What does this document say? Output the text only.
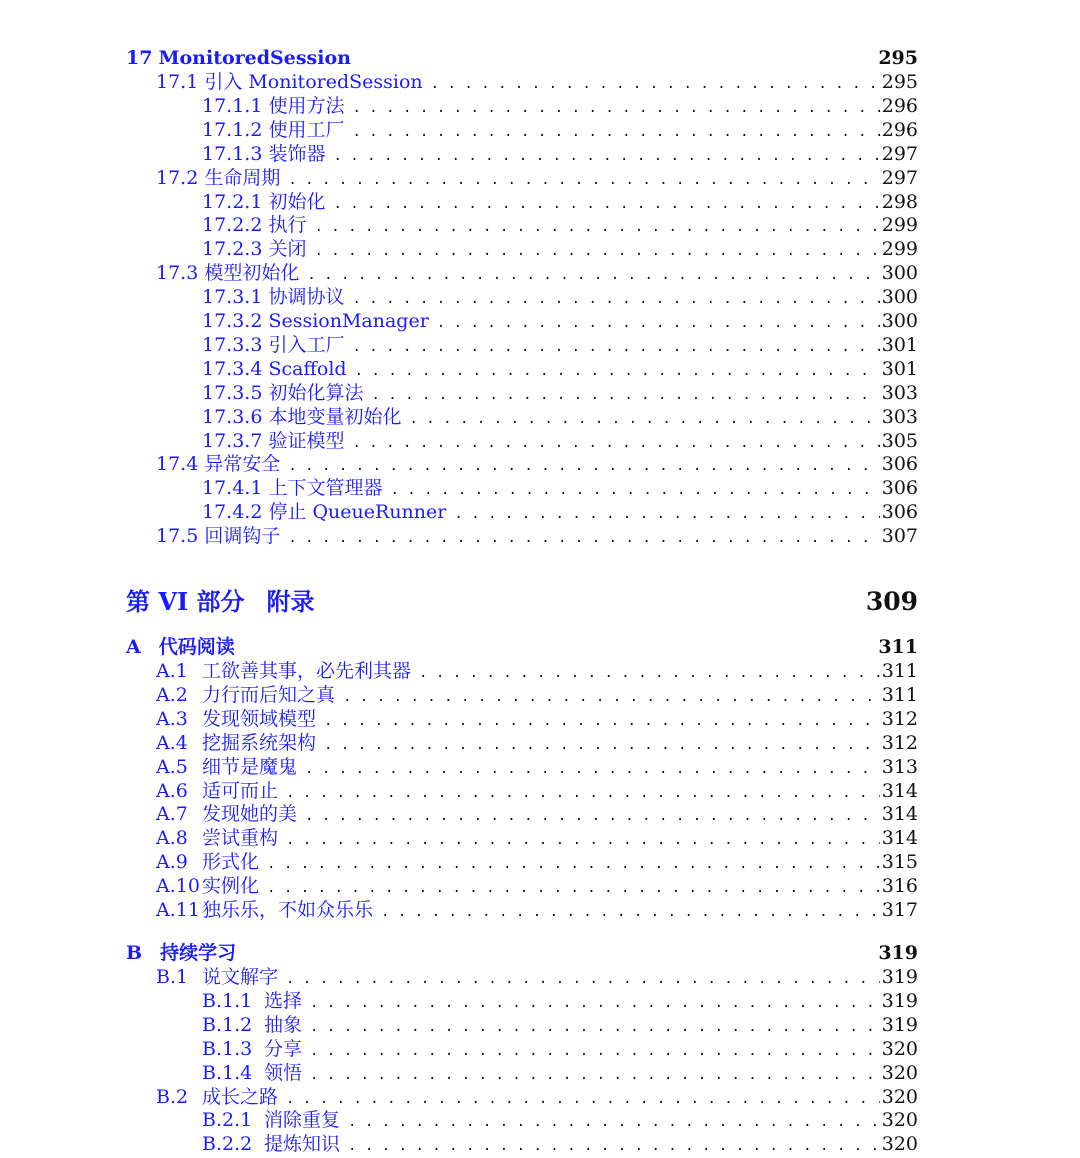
17 MonitoredSession	295
17.1 引入 MonitoredSession . . .	295
17.1.1 使用方法 . . .	296
17.1.2 使用工厂 . . .	296
17.1.3 装饰器 . . .	297
17.2 生命周期 . . .	297
17.2.1 初始化 . . .	298
17.2.2 执行 . . .	299
17.2.3 关闭 . . .	299
17.3 模型初始化 . . .	300
17.3.1 协调协议 . . .	300
17.3.2 SessionManager . . .	300
17.3.3 引入工厂 . . .	301
17.3.4 Scaffold . . .	301
17.3.5 初始化算法 . . .	303
17.3.6 本地变量初始化 . . .	303
17.3.7 验证模型 . . .	305
17.4 异常安全 . . .	306
17.4.1 上下文管理器 . . .	306
17.4.2 停止 QueueRunner . . .	306
17.5 回调钩子 . . .	307
第 VI 部分 附录	309
A 代码阅读	311
A.1 工欲善其事，必先利其器 . . .	311
A.2 力行而后知之真 . . .	311
A.3 发现领域模型 . . .	312
A.4 挖掘系统架构 . . .	312
A.5 细节是魔鬼 . . .	313
A.6 适可而止 . . .	314
A.7 发现她的美 . . .	314
A.8 尝试重构 . . .	314
A.9 形式化 . . .	315
A.10 实例化 . . .	316
A.11 独乐乐，不如众乐乐 . . .	317
B 持续学习	319
B.1 说文解字 . . .	319
B.1.1 选择 . . .	319
B.1.2 抽象 . . .	319
B.1.3 分享 . . .	320
B.1.4 领悟 . . .	320
B.2 成长之路 . . .	320
B.2.1 消除重复 . . .	320
B.2.2 提炼知识 . . .	320
